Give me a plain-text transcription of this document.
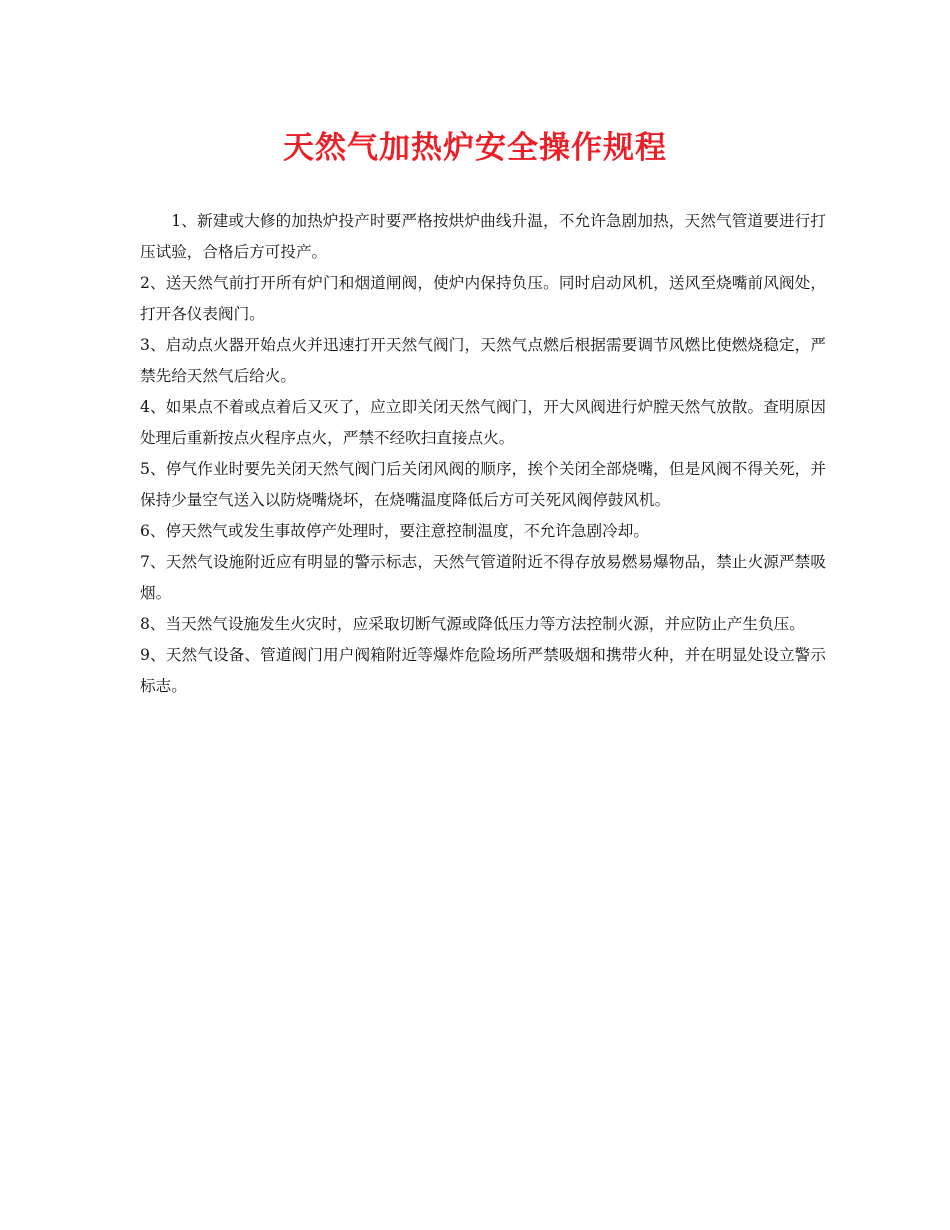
天然气加热炉安全操作规程

1、新建或大修的加热炉投产时要严格按烘炉曲线升温，不允许急剧加热，天然气管道要进行打压试验，合格后方可投产。

2、送天然气前打开所有炉门和烟道闸阀，使炉内保持负压。同时启动风机，送风至烧嘴前风阀处，打开各仪表阀门。

3、启动点火器开始点火并迅速打开天然气阀门，天然气点燃后根据需要调节风燃比使燃烧稳定，严禁先给天然气后给火。

4、如果点不着或点着后又灭了，应立即关闭天然气阀门，开大风阀进行炉膛天然气放散。查明原因处理后重新按点火程序点火，严禁不经吹扫直接点火。

5、停气作业时要先关闭天然气阀门后关闭风阀的顺序，挨个关闭全部烧嘴，但是风阀不得关死，并保持少量空气送入以防烧嘴烧坏，在烧嘴温度降低后方可关死风阀停鼓风机。

6、停天然气或发生事故停产处理时，要注意控制温度，不允许急剧冷却。

7、天然气设施附近应有明显的警示标志，天然气管道附近不得存放易燃易爆物品，禁止火源严禁吸烟。

8、当天然气设施发生火灾时，应采取切断气源或降低压力等方法控制火源，并应防止产生负压。

9、天然气设备、管道阀门用户阀箱附近等爆炸危险场所严禁吸烟和携带火种，并在明显处设立警示标志。
